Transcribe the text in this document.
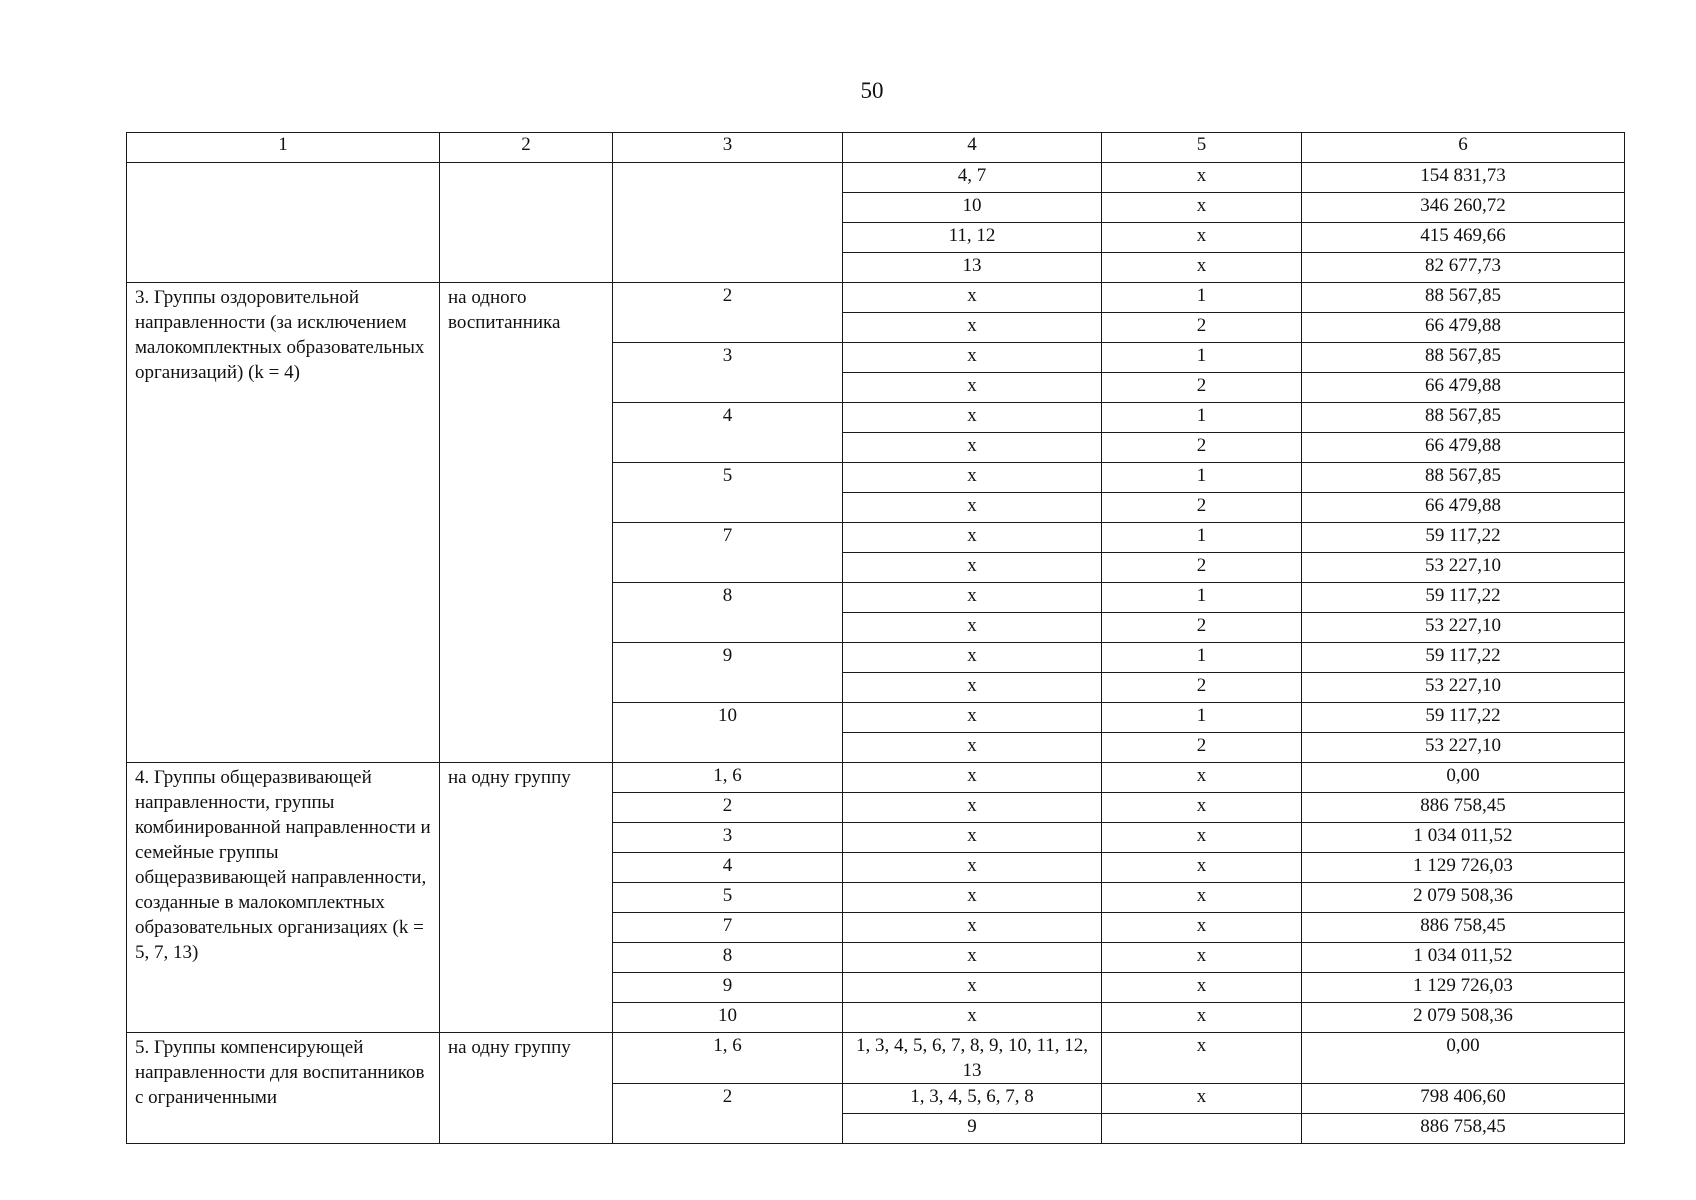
50
1	2	3	4	5	6
			4, 7	х	154 831,73
			10	х	346 260,72
			11, 12	х	415 469,66
			13	х	82 677,73
3. Группы оздоровительной направленности (за исключением малокомплектных образовательных организаций) (k = 4)	на одного воспитанника	2	х	1	88 567,85
			х	2	66 479,88
		3	х	1	88 567,85
			х	2	66 479,88
		4	х	1	88 567,85
			х	2	66 479,88
		5	х	1	88 567,85
			х	2	66 479,88
		7	х	1	59 117,22
			х	2	53 227,10
		8	х	1	59 117,22
			х	2	53 227,10
		9	х	1	59 117,22
			х	2	53 227,10
		10	х	1	59 117,22
			х	2	53 227,10
4. Группы общеразвивающей направленности, группы комбинированной направленности и семейные группы общеразвивающей направленности, созданные в малокомплектных образовательных организациях (k = 5, 7, 13)	на одну группу	1, 6	х	х	0,00
		2	х	х	886 758,45
		3	х	х	1 034 011,52
		4	х	х	1 129 726,03
		5	х	х	2 079 508,36
		7	х	х	886 758,45
		8	х	х	1 034 011,52
		9	х	х	1 129 726,03
		10	х	х	2 079 508,36
5. Группы компенсирующей направленности для воспитанников с ограниченными	на одну группу	1, 6	1, 3, 4, 5, 6, 7, 8, 9, 10, 11, 12, 13	х	0,00
		2	1, 3, 4, 5, 6, 7, 8	х	798 406,60
			9		886 758,45
